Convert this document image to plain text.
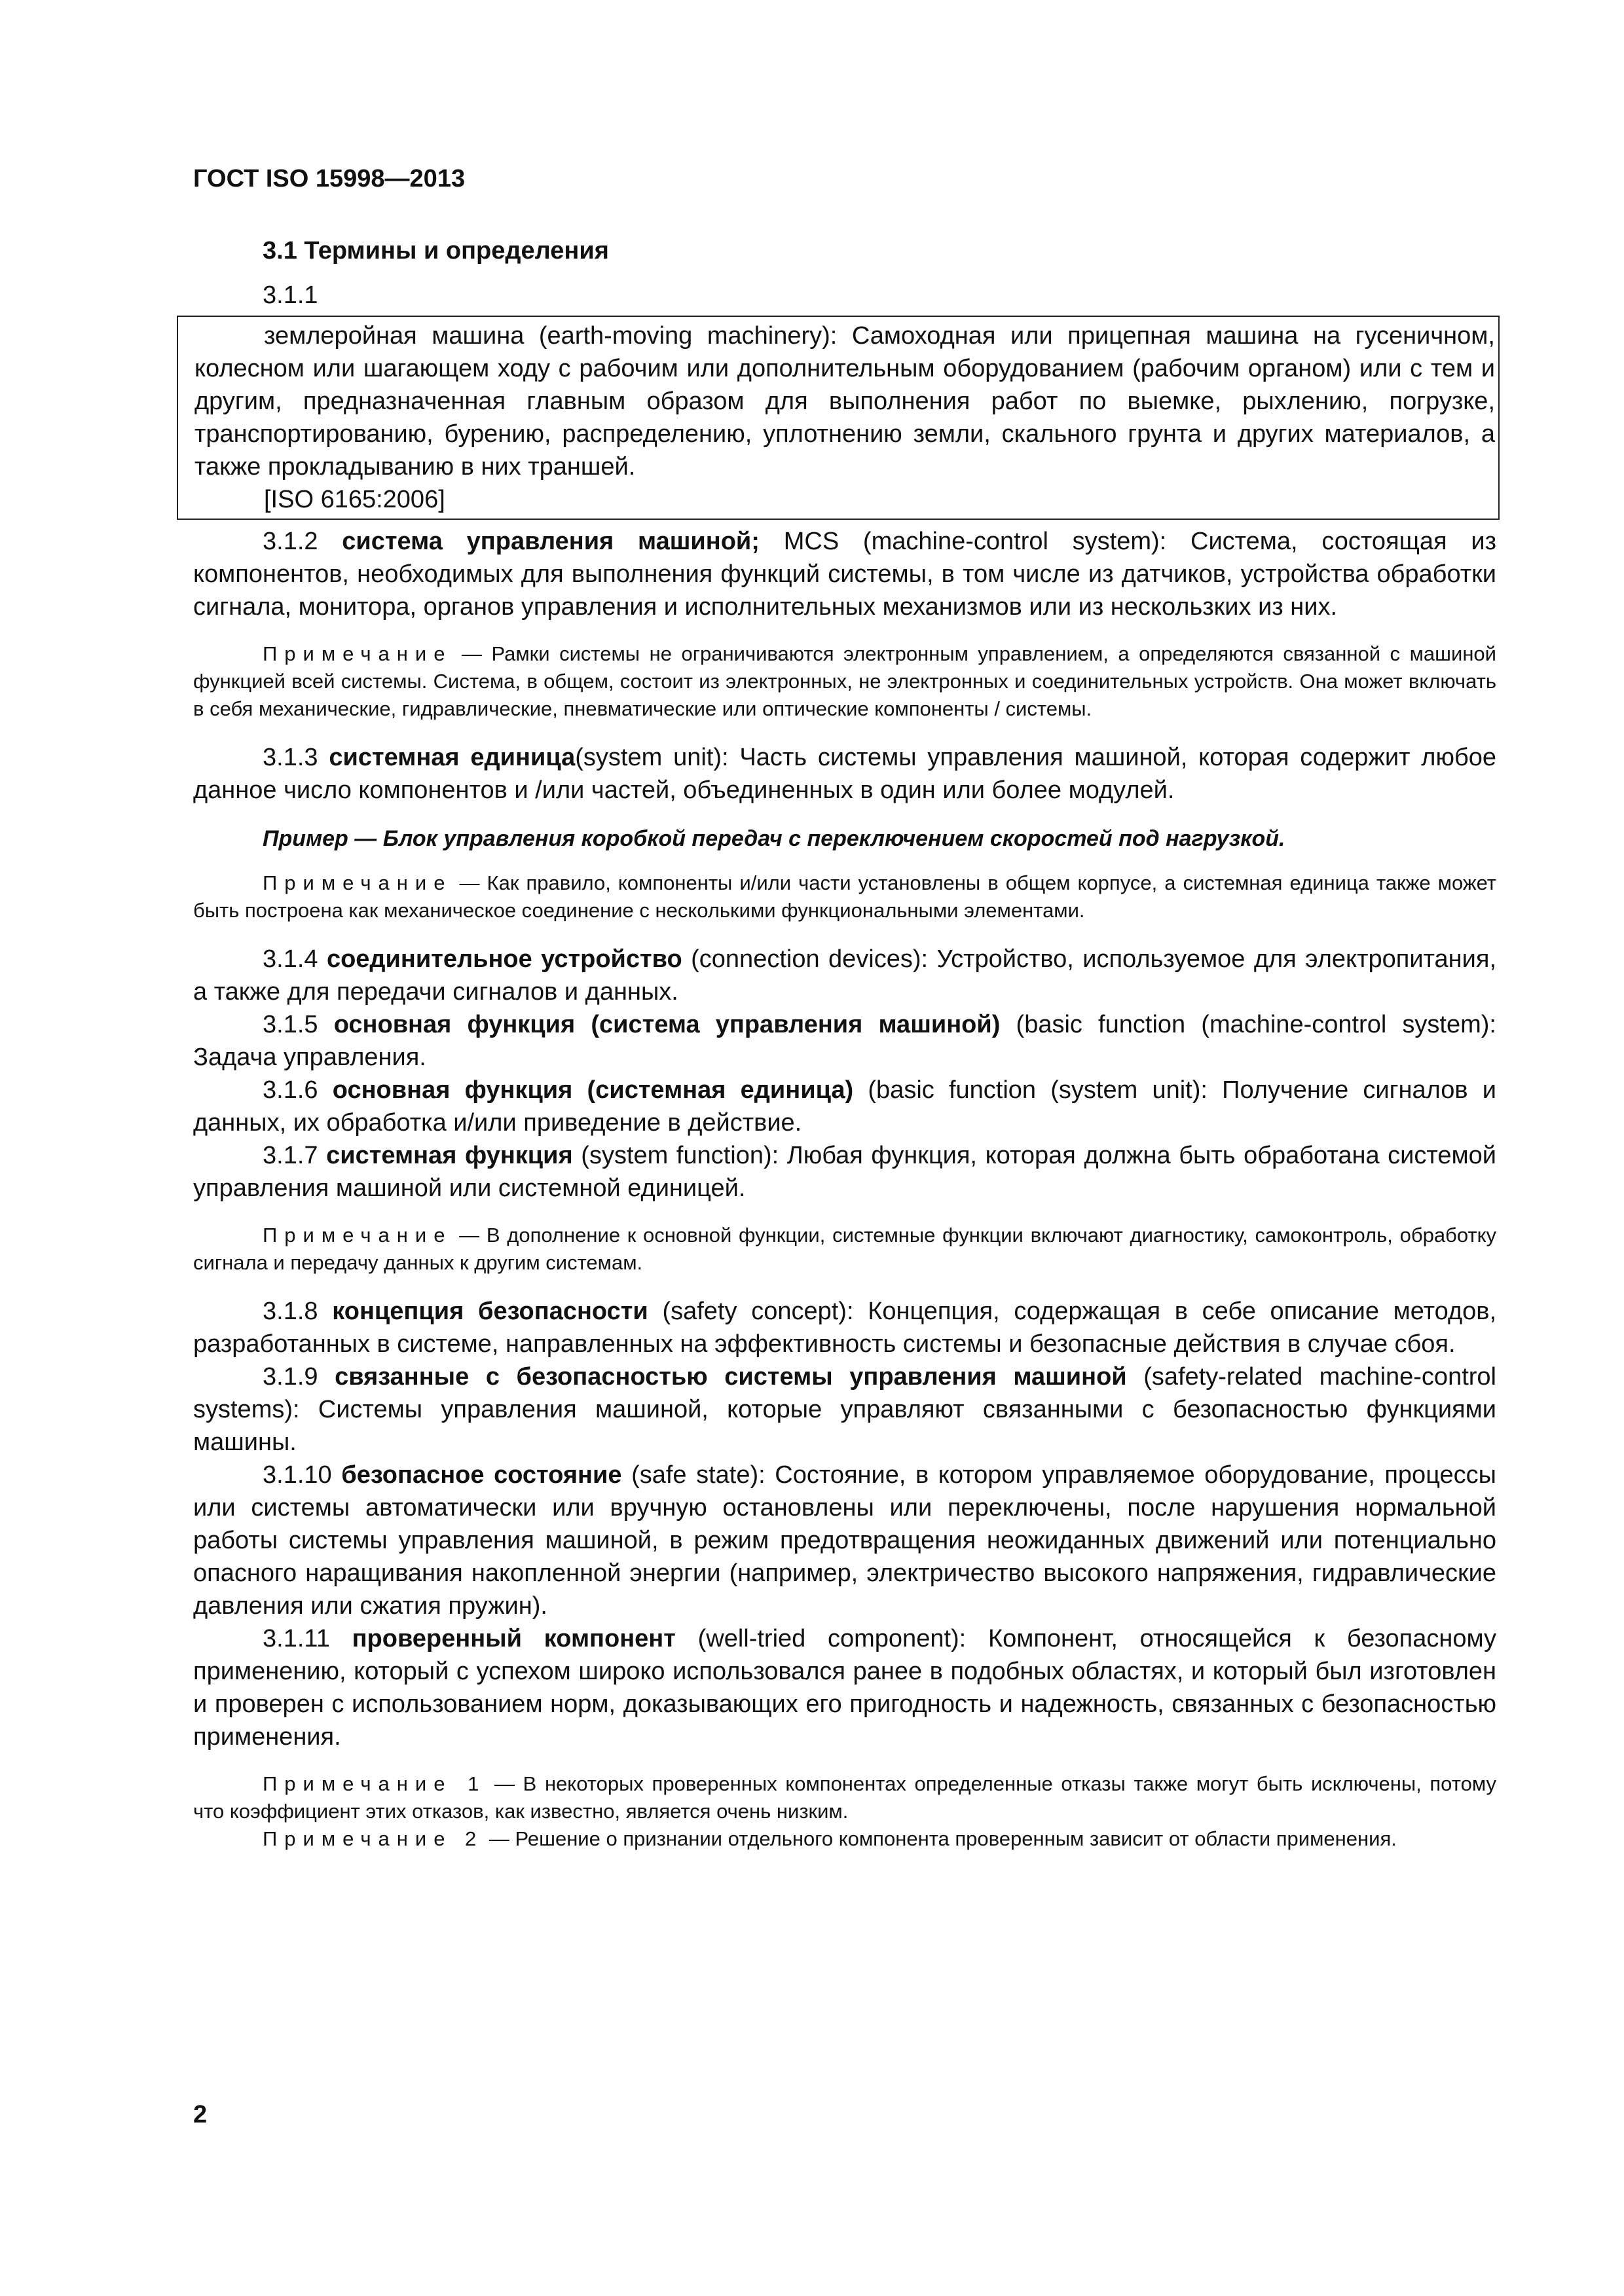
ГОСТ ISO 15998—2013
3.1 Термины и определения
3.1.1

землеройная машина (earth-moving machinery): Самоходная или прицепная машина на гусеничном, колесном или шагающем ходу с рабочим или дополнительным оборудованием (рабочим органом) или с тем и другим, предназначенная главным образом для выполнения работ по выемке, рыхлению, погрузке, транспортированию, бурению, распределению, уплотнению земли, скального грунта и других материалов, а также прокладыванию в них траншей.

[ISO 6165:2006]

3.1.2 система управления машиной; MCS (machine-control system): Система, состоящая из компонентов, необходимых для выполнения функций системы, в том числе из датчиков, устройства обработки сигнала, монитора, органов управления и исполнительных механизмов или из нескользких из них.

Примечание — Рамки системы не ограничиваются электронным управлением, а определяются связанной с машиной функцией всей системы. Система, в общем, состоит из электронных, не электронных и соединительных устройств. Она может включать в себя механические, гидравлические, пневматические или оптические компоненты / системы.

3.1.3 системная единица(system unit): Часть системы управления машиной, которая содержит любое данное число компонентов и /или частей, объединенных в один или более модулей.

Пример — Блок управления коробкой передач с переключением скоростей под нагрузкой.

Примечание — Как правило, компоненты и/или части установлены в общем корпусе, а системная единица также может быть построена как механическое соединение с несколькими функциональными элементами.

3.1.4 соединительное устройство (connection devices): Устройство, используемое для электропитания, а также для передачи сигналов и данных.

3.1.5 основная функция (система управления машиной) (basic function (machine-control system): Задача управления.

3.1.6 основная функция (системная единица) (basic function (system unit): Получение сигналов и данных, их обработка и/или приведение в действие.

3.1.7 системная функция (system function): Любая функция, которая должна быть обработана системой управления машиной или системной единицей.

Примечание — В дополнение к основной функции, системные функции включают диагностику, самоконтроль, обработку сигнала и передачу данных к другим системам.

3.1.8 концепция безопасности (safety concept): Концепция, содержащая в себе описание методов, разработанных в системе, направленных на эффективность системы и безопасные действия в случае сбоя.

3.1.9 связанные с безопасностью системы управления машиной (safety-related machine-control systems): Системы управления машиной, которые управляют связанными с безопасностью функциями машины.

3.1.10 безопасное состояние (safe state): Состояние, в котором управляемое оборудование, процессы или системы автоматически или вручную остановлены или переключены, после нарушения нормальной работы системы управления машиной, в режим предотвращения неожиданных движений или потенциально опасного наращивания накопленной энергии (например, электричество высокого напряжения, гидравлические давления или сжатия пружин).

3.1.11 проверенный компонент (well-tried component): Компонент, относящейся к безопасному применению, который с успехом широко использовался ранее в подобных областях, и который был изготовлен и проверен с использованием норм, доказывающих его пригодность и надежность, связанных с безопасностью применения.

Примечание 1 — В некоторых проверенных компонентах определенные отказы также могут быть исключены, потому что коэффициент этих отказов, как известно, является очень низким.

Примечание 2 — Решение о признании отдельного компонента проверенным зависит от области применения.

2
